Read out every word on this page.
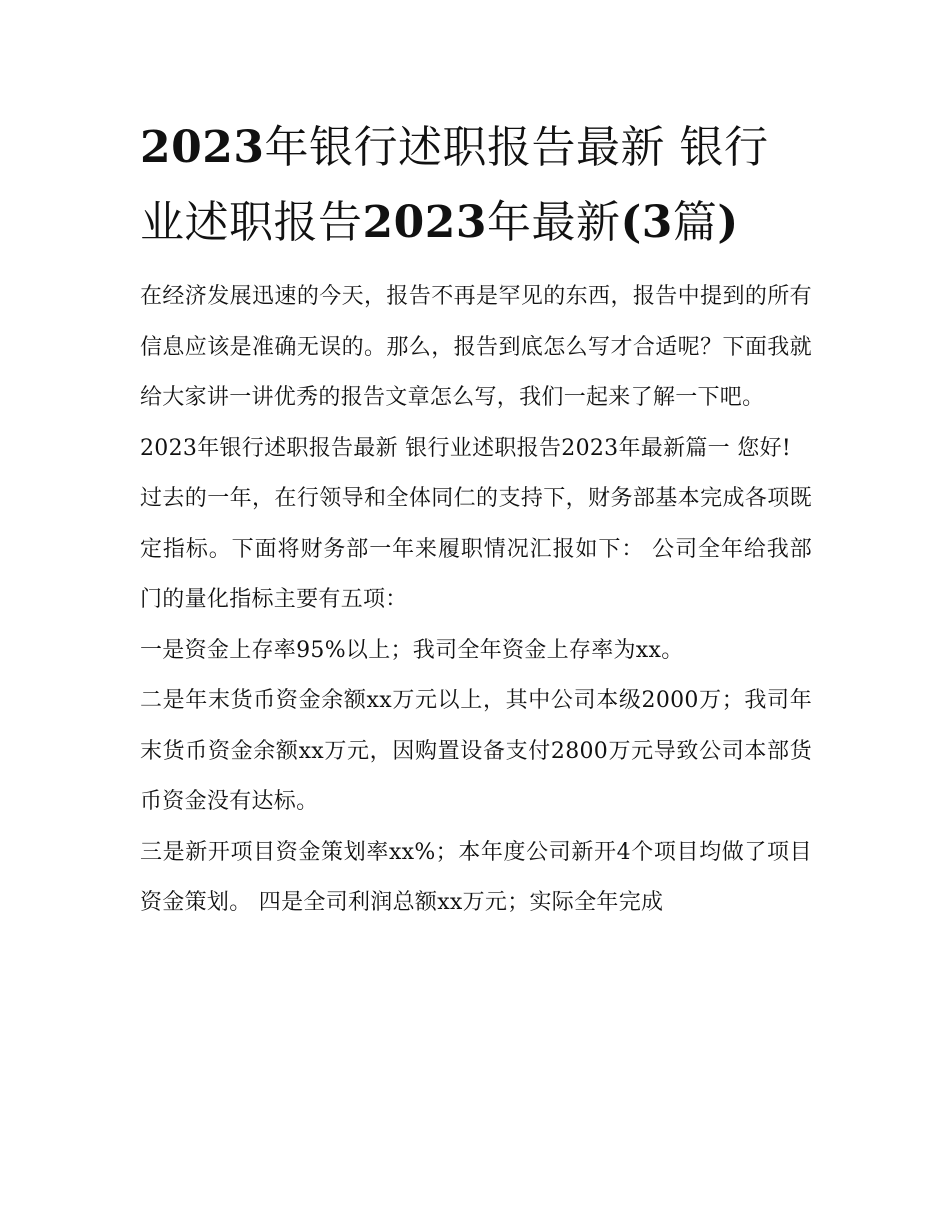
2023年银行述职报告最新 银行业述职报告2023年最新(3篇)

在经济发展迅速的今天，报告不再是罕见的东西，报告中提到的所有信息应该是准确无误的。那么，报告到底怎么写才合适呢？下面我就给大家讲一讲优秀的报告文章怎么写，我们一起来了解一下吧。

2023年银行述职报告最新 银行业述职报告2023年最新篇一 您好!

过去的一年，在行领导和全体同仁的支持下，财务部基本完成各项既定指标。下面将财务部一年来履职情况汇报如下： 公司全年给我部门的量化指标主要有五项：

一是资金上存率95%以上；我司全年资金上存率为xx。

二是年末货币资金余额xx万元以上，其中公司本级2000万；我司年末货币资金余额xx万元，因购置设备支付2800万元导致公司本部货币资金没有达标。

三是新开项目资金策划率xx%；本年度公司新开4个项目均做了项目资金策划。 四是全司利润总额xx万元；实际全年完成
